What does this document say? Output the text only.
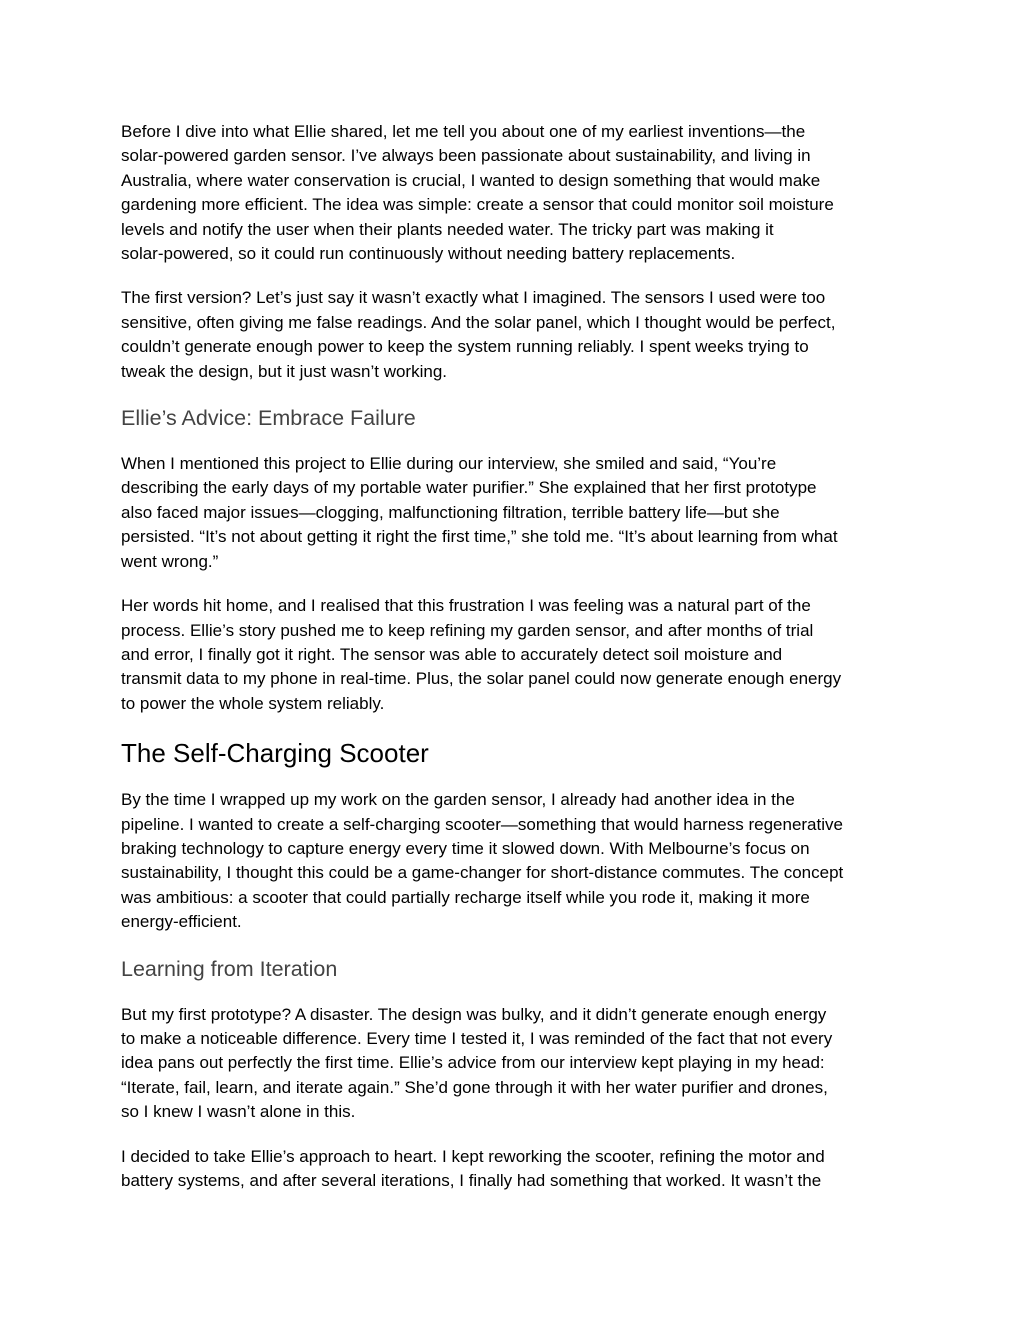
Before I dive into what Ellie shared, let me tell you about one of my earliest inventions—the
solar-powered garden sensor. I’ve always been passionate about sustainability, and living in
Australia, where water conservation is crucial, I wanted to design something that would make
gardening more efficient. The idea was simple: create a sensor that could monitor soil moisture
levels and notify the user when their plants needed water. The tricky part was making it
solar-powered, so it could run continuously without needing battery replacements.

The first version? Let’s just say it wasn’t exactly what I imagined. The sensors I used were too
sensitive, often giving me false readings. And the solar panel, which I thought would be perfect,
couldn’t generate enough power to keep the system running reliably. I spent weeks trying to
tweak the design, but it just wasn’t working.

Ellie’s Advice: Embrace Failure

When I mentioned this project to Ellie during our interview, she smiled and said, “You’re
describing the early days of my portable water purifier.” She explained that her first prototype
also faced major issues—clogging, malfunctioning filtration, terrible battery life—but she
persisted. “It’s not about getting it right the first time,” she told me. “It’s about learning from what
went wrong.”

Her words hit home, and I realised that this frustration I was feeling was a natural part of the
process. Ellie’s story pushed me to keep refining my garden sensor, and after months of trial
and error, I finally got it right. The sensor was able to accurately detect soil moisture and
transmit data to my phone in real-time. Plus, the solar panel could now generate enough energy
to power the whole system reliably.

The Self-Charging Scooter

By the time I wrapped up my work on the garden sensor, I already had another idea in the
pipeline. I wanted to create a self-charging scooter—something that would harness regenerative
braking technology to capture energy every time it slowed down. With Melbourne’s focus on
sustainability, I thought this could be a game-changer for short-distance commutes. The concept
was ambitious: a scooter that could partially recharge itself while you rode it, making it more
energy-efficient.

Learning from Iteration

But my first prototype? A disaster. The design was bulky, and it didn’t generate enough energy
to make a noticeable difference. Every time I tested it, I was reminded of the fact that not every
idea pans out perfectly the first time. Ellie’s advice from our interview kept playing in my head:
“Iterate, fail, learn, and iterate again.” She’d gone through it with her water purifier and drones,
so I knew I wasn’t alone in this.

I decided to take Ellie’s approach to heart. I kept reworking the scooter, refining the motor and
battery systems, and after several iterations, I finally had something that worked. It wasn’t the
